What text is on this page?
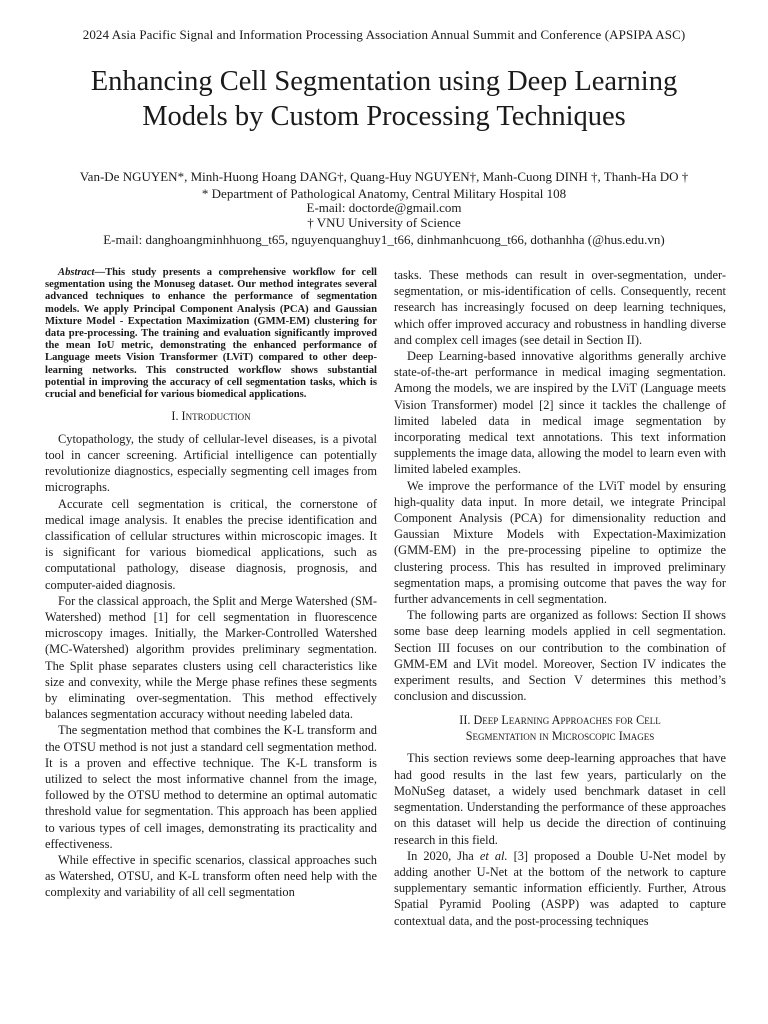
2024 Asia Pacific Signal and Information Processing Association Annual Summit and Conference (APSIPA ASC)
Enhancing Cell Segmentation using Deep Learning
Models by Custom Processing Techniques
Van-De NGUYEN*, Minh-Huong Hoang DANG†, Quang-Huy NGUYEN†, Manh-Cuong DINH †, Thanh-Ha DO †
* Department of Pathological Anatomy, Central Military Hospital 108
E-mail: doctorde@gmail.com
† VNU University of Science
E-mail: danghoangminhhuong_t65, nguyenquanghuy1_t66, dinhmanhcuong_t66, dothanhha (@hus.edu.vn)

Abstract—This study presents a comprehensive workflow for cell segmentation using the Monuseg dataset. Our method integrates several advanced techniques to enhance the performance of segmentation models. We apply Principal Component Analysis (PCA) and Gaussian Mixture Model - Expectation Maximization (GMM-EM) clustering for data pre-processing. The training and evaluation significantly improved the mean IoU metric, demonstrating the enhanced performance of Language meets Vision Transformer (LViT) compared to other deep-learning networks. This constructed workflow shows substantial potential in improving the accuracy of cell segmentation tasks, which is crucial and beneficial for various biomedical applications.

I. Introduction

Cytopathology, the study of cellular-level diseases, is a pivotal tool in cancer screening. Artificial intelligence can potentially revolutionize diagnostics, especially segmenting cell images from micrographs.

Accurate cell segmentation is critical, the cornerstone of medical image analysis. It enables the precise identification and classification of cellular structures within microscopic images. It is significant for various biomedical applications, such as computational pathology, disease diagnosis, prognosis, and computer-aided diagnosis.

For the classical approach, the Split and Merge Watershed (SM-Watershed) method [1] for cell segmentation in fluorescence microscopy images. Initially, the Marker-Controlled Watershed (MC-Watershed) algorithm provides preliminary segmentation. The Split phase separates clusters using cell characteristics like size and convexity, while the Merge phase refines these segments by eliminating over-segmentation. This method effectively balances segmentation accuracy without needing labeled data.

The segmentation method that combines the K-L transform and the OTSU method is not just a standard cell segmentation method. It is a proven and effective technique. The K-L transform is utilized to select the most informative channel from the image, followed by the OTSU method to determine an optimal automatic threshold value for segmentation. This approach has been applied to various types of cell images, demonstrating its practicality and effectiveness.

While effective in specific scenarios, classical approaches such as Watershed, OTSU, and K-L transform often need help with the complexity and variability of all cell segmentation

tasks. These methods can result in over-segmentation, under-segmentation, or mis-identification of cells. Consequently, recent research has increasingly focused on deep learning techniques, which offer improved accuracy and robustness in handling diverse and complex cell images (see detail in Section II).

Deep Learning-based innovative algorithms generally archive state-of-the-art performance in medical imaging segmentation. Among the models, we are inspired by the LViT (Language meets Vision Transformer) model [2] since it tackles the challenge of limited labeled data in medical image segmentation by incorporating medical text annotations. This text information supplements the image data, allowing the model to learn even with limited labeled examples.

We improve the performance of the LViT model by ensuring high-quality data input. In more detail, we integrate Principal Component Analysis (PCA) for dimensionality reduction and Gaussian Mixture Models with Expectation-Maximization (GMM-EM) in the pre-processing pipeline to optimize the clustering process. This has resulted in improved preliminary segmentation maps, a promising outcome that paves the way for further advancements in cell segmentation.

The following parts are organized as follows: Section II shows some base deep learning models applied in cell segmentation. Section III focuses on our contribution to the combination of GMM-EM and LVit model. Moreover, Section IV indicates the experiment results, and Section V determines this method’s conclusion and discussion.

II. Deep Learning Approaches for Cell
Segmentation in Microscopic Images

This section reviews some deep-learning approaches that have had good results in the last few years, particularly on the MoNuSeg dataset, a widely used benchmark dataset in cell segmentation. Understanding the performance of these approaches on this dataset will help us decide the direction of continuing research in this field.

In 2020, Jha et al. [3] proposed a Double U-Net model by adding another U-Net at the bottom of the network to capture supplementary semantic information efficiently. Further, Atrous Spatial Pyramid Pooling (ASPP) was adapted to capture contextual data, and the post-processing techniques
